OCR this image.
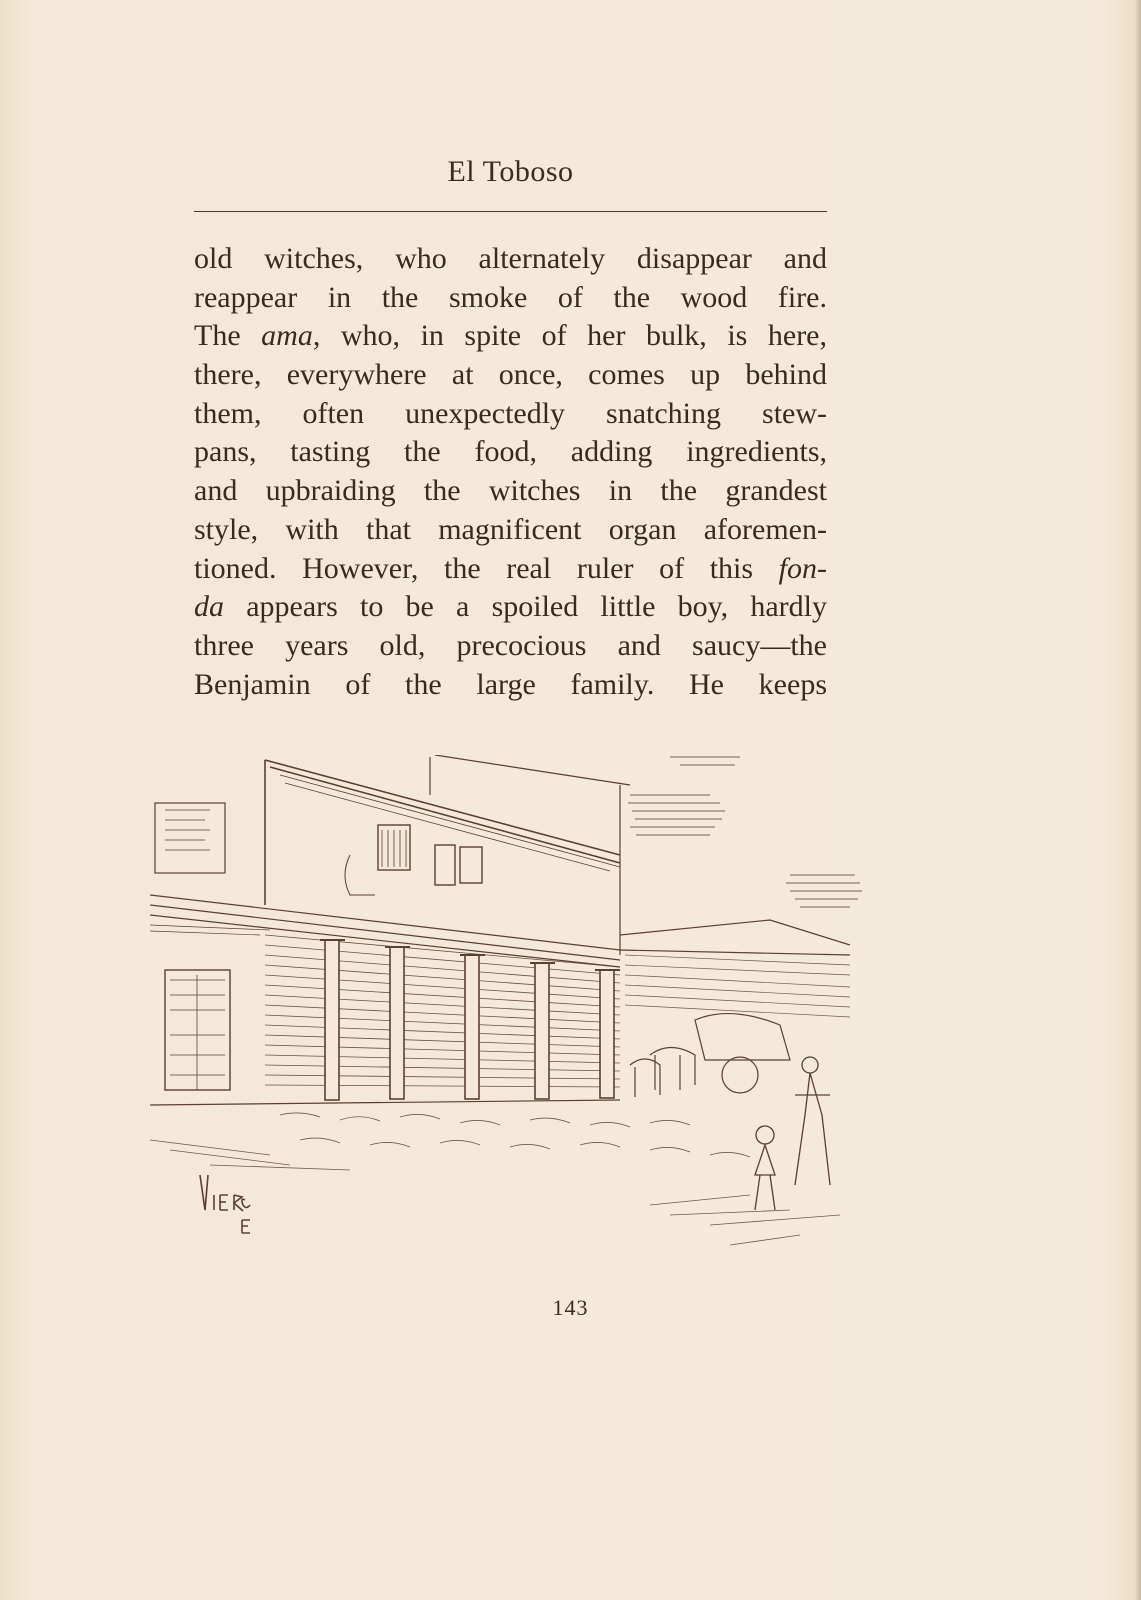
El Toboso
old witches, who alternately disappear and
reappear in the smoke of the wood fire.
The ama, who, in spite of her bulk, is here,
there, everywhere at once, comes up behind
them, often unexpectedly snatching stew-
pans, tasting the food, adding ingredients,
and upbraiding the witches in the grandest
style, with that magnificent organ aforemen-
tioned. However, the real ruler of this fon-
da appears to be a spoiled little boy, hardly
three years old, precocious and saucy—the
Benjamin of the large family. He keeps
143
